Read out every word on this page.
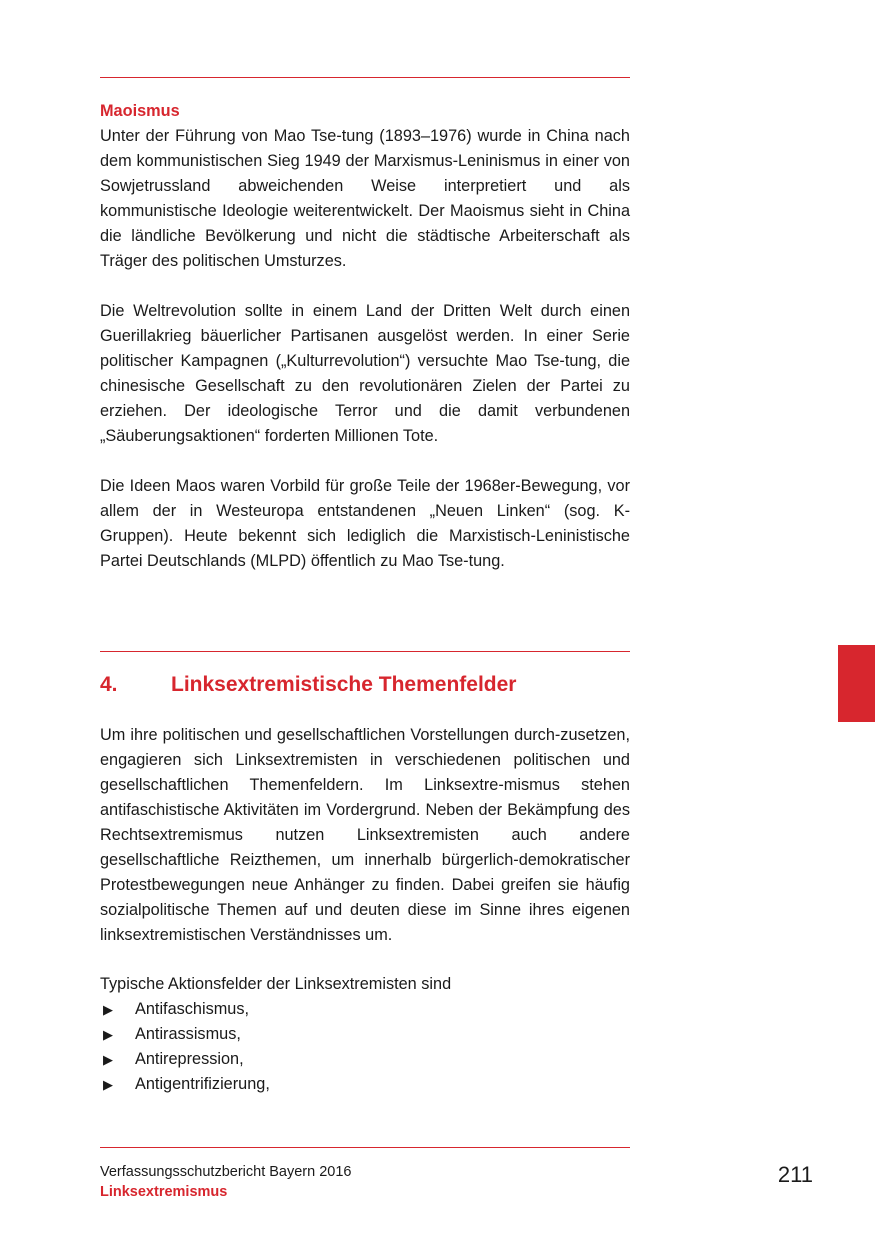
Maoismus

Unter der Führung von Mao Tse-tung (1893–1976) wurde in China nach dem kommunistischen Sieg 1949 der Marxismus-Leninismus in einer von Sowjetrussland abweichenden Weise interpretiert und als kommunistische Ideologie weiterentwickelt. Der Maoismus sieht in China die ländliche Bevölkerung und nicht die städtische Arbeiterschaft als Träger des politischen Umsturzes.

Die Weltrevolution sollte in einem Land der Dritten Welt durch einen Guerillakrieg bäuerlicher Partisanen ausgelöst werden. In einer Serie politischer Kampagnen („Kulturrevolution“) versuchte Mao Tse-tung, die chinesische Gesellschaft zu den revolutionären Zielen der Partei zu erziehen. Der ideologische Terror und die damit verbundenen „Säuberungsaktionen“ forderten Millionen Tote.

Die Ideen Maos waren Vorbild für große Teile der 1968er-Bewegung, vor allem der in Westeuropa entstandenen „Neuen Linken“ (sog. K-Gruppen). Heute bekennt sich lediglich die Marxistisch-Leninistische Partei Deutschlands (MLPD) öffentlich zu Mao Tse-tung.

4.	Linksextremistische Themenfelder

Um ihre politischen und gesellschaftlichen Vorstellungen durch-zusetzen, engagieren sich Linksextremisten in verschiedenen politischen und gesellschaftlichen Themenfeldern. Im Linksextre-mismus stehen antifaschistische Aktivitäten im Vordergrund. Neben der Bekämpfung des Rechtsextremismus nutzen Linksextremisten auch andere gesellschaftliche Reizthemen, um innerhalb bürgerlich-demokratischer Protestbewegungen neue Anhänger zu finden. Dabei greifen sie häufig sozialpolitische Themen auf und deuten diese im Sinne ihres eigenen linksextremistischen Verständnisses um.

Typische Aktionsfelder der Linksextremisten sind

▶ Antifaschismus,
▶ Antirassismus,
▶ Antirepression,
▶ Antigentrifizierung,
Verfassungsschutzbericht Bayern 2016
Linksextremismus
211
